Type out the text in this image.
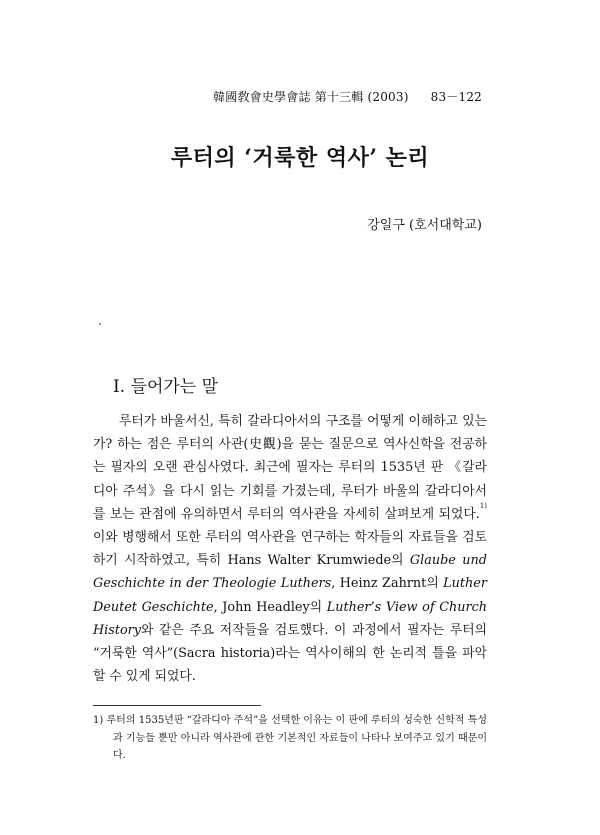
韓國敎會史學會誌 第十三輯 (2003) 83－122
루터의 ‘거룩한 역사’ 논리
강일구 (호서대학교)
I. 들어가는 말

루터가 바울서신, 특히 갈라디아서의 구조를 어떻게 이해하고 있는가? 하는 점은 루터의 사관(史觀)을 묻는 질문으로 역사신학을 전공하는 필자의 오랜 관심사였다. 최근에 필자는 루터의 1535년 판 《갈라디아 주석》을 다시 읽는 기회를 가졌는데, 루터가 바울의 갈라디아서를 보는 관점에 유의하면서 루터의 역사관을 자세히 살펴보게 되었다.$^{1)}$ 이와 병행해서 또한 루터의 역사관을 연구하는 학자들의 자료들을 검토하기 시작하였고, 특히 Hans Walter Krumwiede의 Glaube und Geschichte in der Theologie Luthers, Heinz Zahrnt의 Luther Deutet Geschichte, John Headley의 Luther’s View of Church History와 같은 주요 저작들을 검토했다. 이 과정에서 필자는 루터의 “거룩한 역사”(Sacra historia)라는 역사이해의 한 논리적 틀을 파악할 수 있게 되었다.

1) 루터의 1535년판 “갈라디아 주석”을 선택한 이유는 이 판에 루터의 성숙한 신학적 특성과 기능들 뿐만 아니라 역사관에 관한 기본적인 자료들이 나타나 보여주고 있기 때문이다.
